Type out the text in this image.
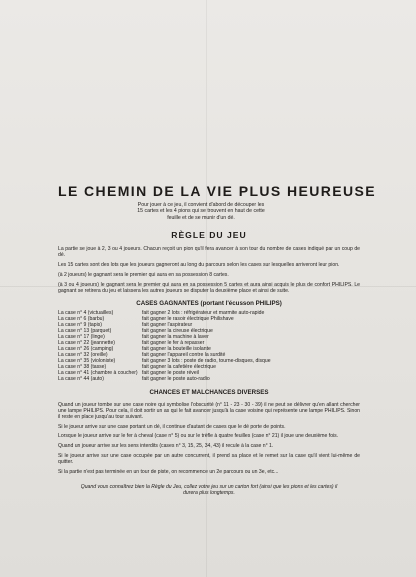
LE CHEMIN DE LA VIE PLUS HEUREUSE
Pour jouer à ce jeu, il convient d'abord de découper les 15 cartes et les 4 pions qui se trouvent en haut de cette feuille et de se munir d'un dé.
RÈGLE DU JEU
La partie se joue à 2, 3 ou 4 joueurs. Chacun reçoit un pion qu'il fera avancer à son tour du nombre de cases indiqué par un coup de dé.
Les 15 cartes sont des lots que les joueurs gagneront au long du parcours selon les cases sur lesquelles arriveront leur pion.
(à 2 joueurs) le gagnant sera le premier qui aura en sa possession 8 cartes.
(à 3 ou 4 joueurs) le gagnant sera le premier qui aura en sa possession 5 cartes et aura ainsi acquis le plus de confort PHILIPS. Le gagnant se retirera du jeu et laissera les autres joueurs se disputer la deuxième place et ainsi de suite.
CASES GAGNANTES (portant l'écusson PHILIPS)
La case n° 4 (victuailles)	fait gagner 2 lots : réfrigérateur et marmite auto-rapide
La case n° 6 (barbu)	fait gagner le rasoir électrique Philishave
La case n° 9 (tapis)	fait gagner l'aspirateur
La case n° 13 (parquet)	fait gagner la cireuse électrique
La case n° 17 (linge)	fait gagner la machine à laver
La case n° 22 (jeannette)	fait gagner le fer à repasser
La case n° 26 (camping)	fait gagner la bouteille isolante
La case n° 32 (oreille)	fait gagner l'appareil contre la surdité
La case n° 35 (violoniste)	fait gagner 3 lots : poste de radio, tourne-disques, disque
La case n° 38 (tasse)	fait gagner la cafetière électrique
La case n° 41 (chambre à coucher) fait gagner le poste réveil
La case n° 44 (auto)	fait gagner le poste auto-radio
CHANCES ET MALCHANCES DIVERSES
Quand un joueur tombe sur une case noire qui symbolise l'obscurité (n° 11 - 23 - 30 - 39) il ne peut se délivrer qu'en allant chercher une lampe PHILIPS. Pour cela, il doit sortir un as qui le fait avancer jusqu'à la case voisine qui représente une lampe PHILIPS. Sinon il reste en place jusqu'au tour suivant.
Si le joueur arrive sur une case portant un dé, il continue d'autant de cases que le dé porte de points.
Lorsque le joueur arrive sur le fer à cheval (case n° 5) ou sur le trèfle à quatre feuilles (case n° 21) il joue une deuxième fois.
Quand un joueur arrive sur les sens interdits (cases n° 3, 15, 25, 34, 43) il recule à la case n° 1.
Si le joueur arrive sur une case occupée par un autre concurrent, il prend sa place et le remet sur la case qu'il vient lui-même de quitter.
Si la partie n'est pas terminée en un tour de piste, on recommence un 2e parcours ou un 3e, etc...
Quand vous connaîtrez bien la Règle du Jeu, collez votre jeu sur un carton fort (ainsi que les pions et les cartes) il durera plus longtemps.
